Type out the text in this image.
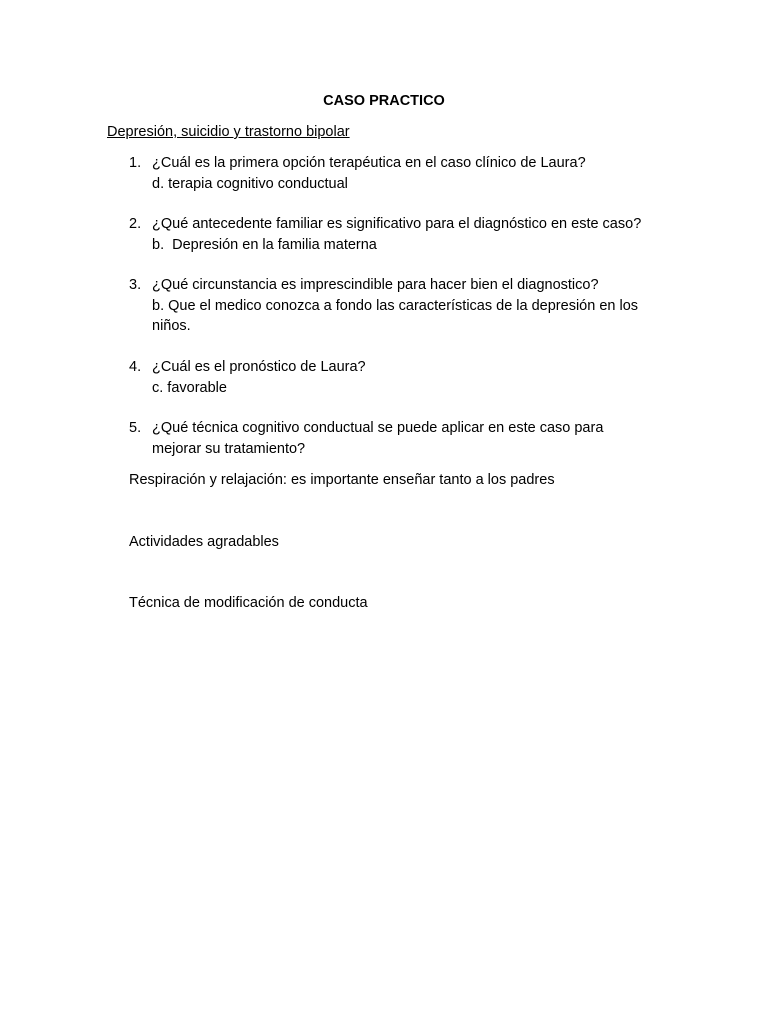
CASO PRACTICO
Depresión, suicidio y trastorno bipolar
1. ¿Cuál es la primera opción terapéutica en el caso clínico de Laura?
d. terapia cognitivo conductual
2. ¿Qué antecedente familiar es significativo para el diagnóstico en este caso?
b.  Depresión en la familia materna
3. ¿Qué circunstancia es imprescindible para hacer bien el diagnostico?
b. Que el medico conozca a fondo las características de la depresión en los niños.
4. ¿Cuál es el pronóstico de Laura?
c. favorable
5. ¿Qué técnica cognitivo conductual se puede aplicar en este caso para mejorar su tratamiento?
Respiración y relajación: es importante enseñar tanto a los padres
Actividades agradables
Técnica de modificación de conducta
